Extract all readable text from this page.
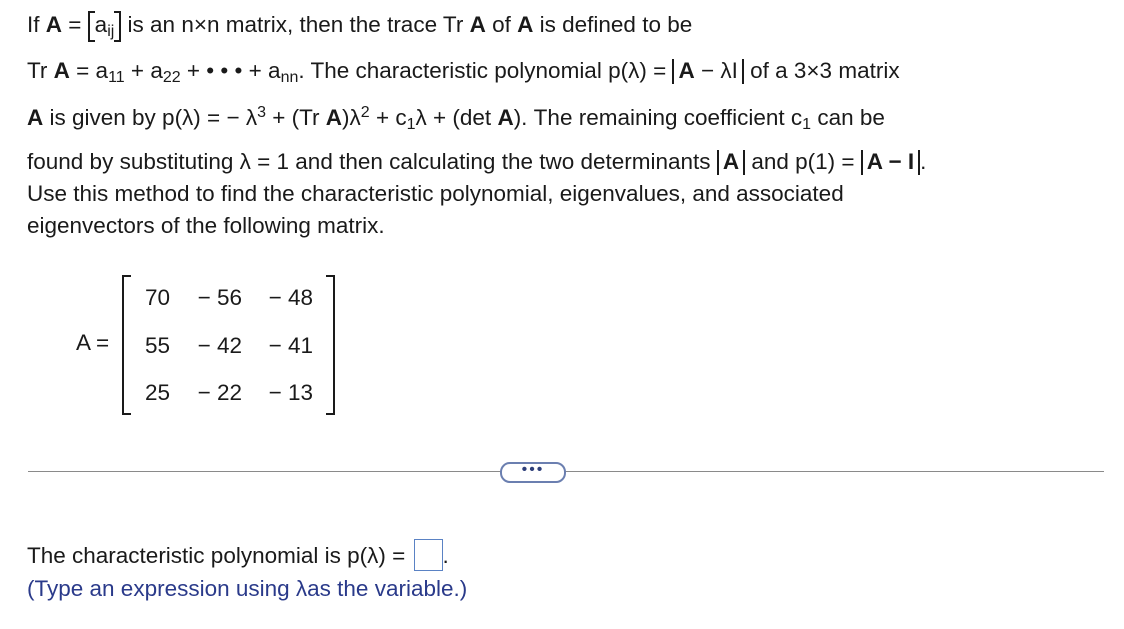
If $A = a_{ij}$ is an n×n matrix, then the trace Tr A of A is defined to be
Tr $A = a_{11} + a_{22}$ + • • • + $a_{nn}$. The characteristic polynomial p(λ) = A − λI of a 3×3 matrix
A is given by p(λ) = − $\lambda^3 + (Tr$ $A)\lambda^2 + c_1\lambda + (\det$ A). The remaining coefficient $c_1$ can be
found by substituting λ = 1 and then calculating the two determinants A and p(1) = A − I .
Use this method to find the characteristic polynomial, eigenvalues, and associated
eigenvectors of the following matrix.
A =
70 − 56 − 48
55 − 42 − 41
25 − 22 − 13
•••
The characteristic polynomial is p(λ) = .
(Type an expression using λas the variable.)
